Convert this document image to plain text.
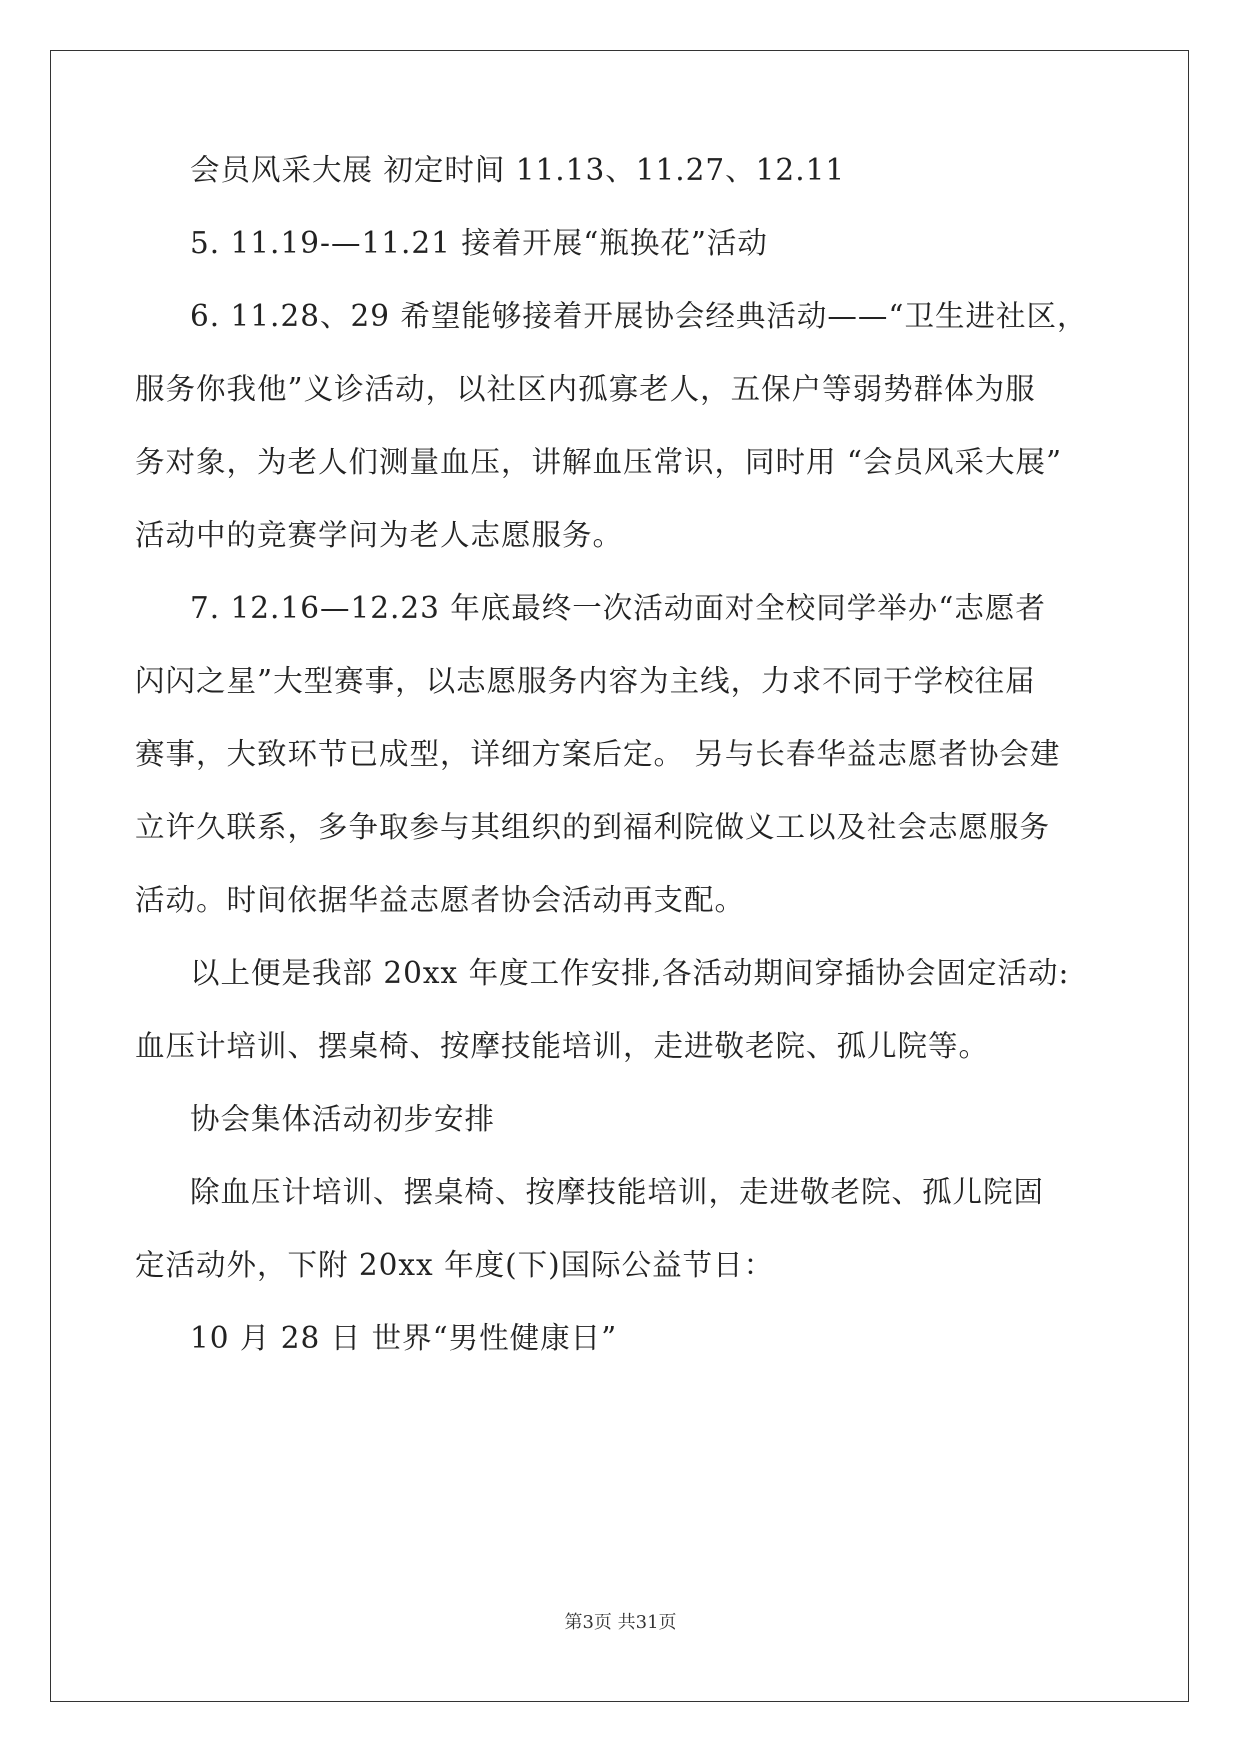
会员风采大展 初定时间 11.13、11.27、12.11
5. 11.19-—11.21 接着开展“瓶换花”活动
6. 11.28、29 希望能够接着开展协会经典活动——“卫生进社区，
服务你我他”义诊活动，以社区内孤寡老人，五保户等弱势群体为服
务对象，为老人们测量血压，讲解血压常识，同时用 “会员风采大展”
活动中的竞赛学问为老人志愿服务。
7. 12.16—12.23 年底最终一次活动面对全校同学举办“志愿者
闪闪之星”大型赛事，以志愿服务内容为主线，力求不同于学校往届
赛事，大致环节已成型，详细方案后定。 另与长春华益志愿者协会建
立许久联系，多争取参与其组织的到福利院做义工以及社会志愿服务
活动。时间依据华益志愿者协会活动再支配。
以上便是我部 20xx 年度工作安排,各活动期间穿插协会固定活动:
血压计培训、摆桌椅、按摩技能培训，走进敬老院、孤儿院等。
协会集体活动初步安排
除血压计培训、摆桌椅、按摩技能培训，走进敬老院、孤儿院固
定活动外，下附 20xx 年度(下)国际公益节日：
10 月 28 日 世界“男性健康日”
第3页 共31页
